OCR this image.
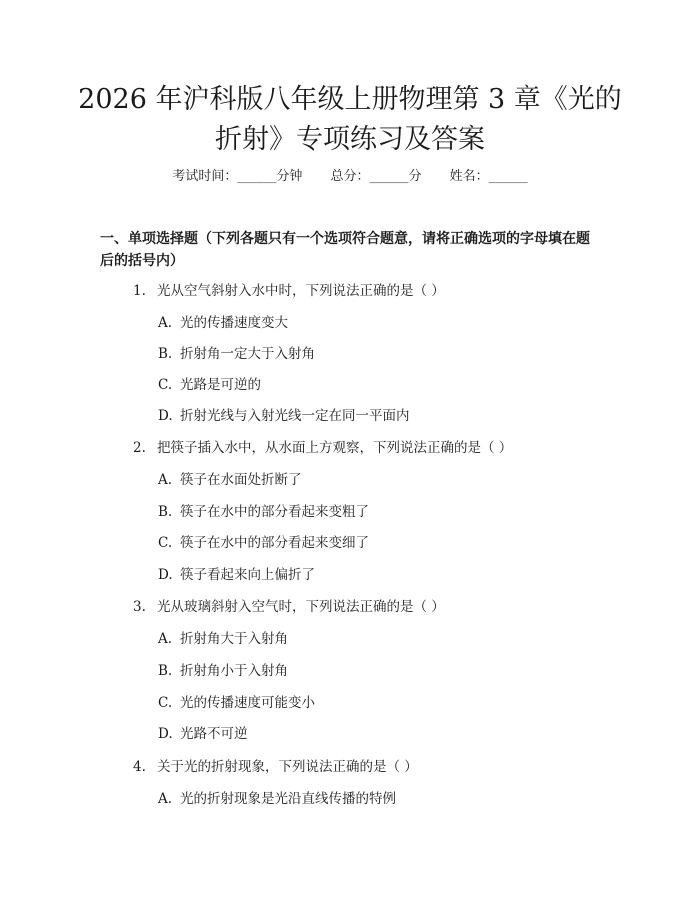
2026 年沪科版八年级上册物理第 3 章《光的
折射》专项练习及答案
考试时间：______分钟 总分：______分 姓名：______
一、单项选择题（下列各题只有一个选项符合题意，请将正确选项的字母填在题后的括号内）
1. 光从空气斜射入水中时，下列说法正确的是（ ）
A. 光的传播速度变大
B. 折射角一定大于入射角
C. 光路是可逆的
D. 折射光线与入射光线一定在同一平面内
2. 把筷子插入水中，从水面上方观察，下列说法正确的是（ ）
A. 筷子在水面处折断了
B. 筷子在水中的部分看起来变粗了
C. 筷子在水中的部分看起来变细了
D. 筷子看起来向上偏折了
3. 光从玻璃斜射入空气时，下列说法正确的是（ ）
A. 折射角大于入射角
B. 折射角小于入射角
C. 光的传播速度可能变小
D. 光路不可逆
4. 关于光的折射现象，下列说法正确的是（ ）
A. 光的折射现象是光沿直线传播的特例
